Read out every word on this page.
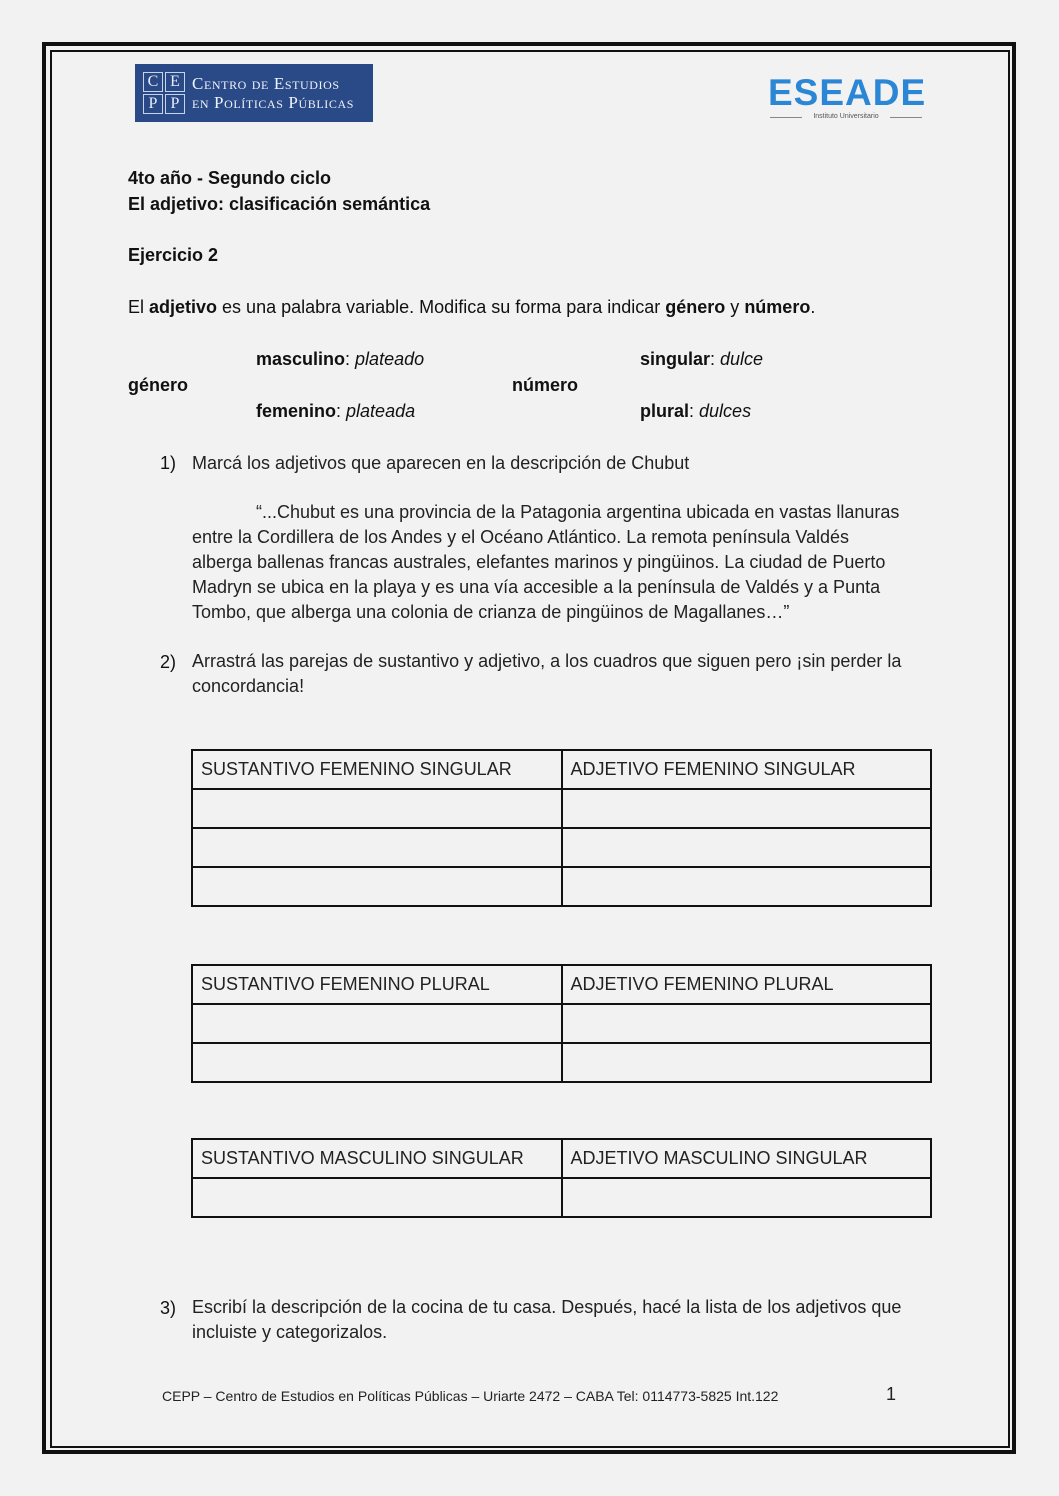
C E
P P
Centro de Estudios
en Políticas Públicas	ESEADE
Instituto Universitario
4to año - Segundo ciclo
El adjetivo: clasificación semántica
Ejercicio 2
El adjetivo es una palabra variable. Modifica su forma para indicar género y número.
masculino: plateado	singular: dulce
género	número
femenino: plateada	plural: dulces
1) Marcá los adjetivos que aparecen en la descripción de Chubut
“...Chubut es una provincia de la Patagonia argentina ubicada en vastas llanuras
entre la Cordillera de los Andes y el Océano Atlántico. La remota península Valdés
alberga ballenas francas australes, elefantes marinos y pingüinos. La ciudad de Puerto
Madryn se ubica en la playa y es una vía accesible a la península de Valdés y a Punta
Tombo, que alberga una colonia de crianza de pingüinos de Magallanes…”
2) Arrastrá las parejas de sustantivo y adjetivo, a los cuadros que siguen pero ¡sin perder la
concordancia!
SUSTANTIVO FEMENINO SINGULAR	ADJETIVO FEMENINO SINGULAR

SUSTANTIVO FEMENINO PLURAL	ADJETIVO FEMENINO PLURAL

SUSTANTIVO MASCULINO SINGULAR	ADJETIVO MASCULINO SINGULAR

3) Escribí la descripción de la cocina de tu casa. Después, hacé la lista de los adjetivos que
incluiste y categorizalos.
CEPP – Centro de Estudios en Políticas Públicas – Uriarte 2472 – CABA Tel: 0114773-5825 Int.122	1
